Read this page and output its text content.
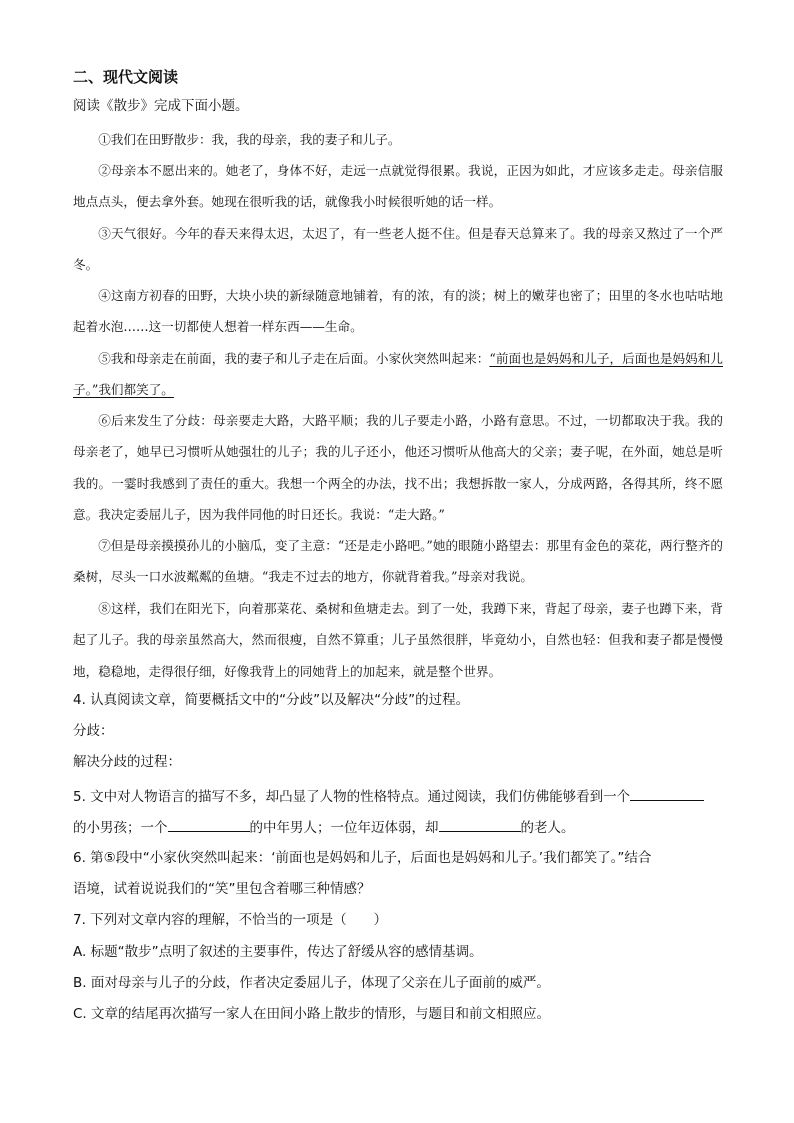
二、现代文阅读
阅读《散步》完成下面小题。
①我们在田野散步：我，我的母亲，我的妻子和儿子。
②母亲本不愿出来的。她老了，身体不好，走远一点就觉得很累。我说，正因为如此，才应该多走走。母亲信服地点点头，便去拿外套。她现在很听我的话，就像我小时候很听她的话一样。
③天气很好。今年的春天来得太迟，太迟了，有一些老人挺不住。但是春天总算来了。我的母亲又熬过了一个严冬。
④这南方初春的田野，大块小块的新绿随意地铺着，有的浓，有的淡；树上的嫩芽也密了；田里的冬水也咕咕地起着水泡……这一切都使人想着一样东西——生命。
⑤我和母亲走在前面，我的妻子和儿子走在后面。小家伙突然叫起来：“前面也是妈妈和儿子，后面也是妈妈和儿子。”我们都笑了。
⑥后来发生了分歧：母亲要走大路，大路平顺；我的儿子要走小路，小路有意思。不过，一切都取决于我。我的母亲老了，她早已习惯听从她强壮的儿子；我的儿子还小，他还习惯听从他高大的父亲；妻子呢，在外面，她总是听我的。一霎时我感到了责任的重大。我想一个两全的办法，找不出；我想拆散一家人，分成两路，各得其所，终不愿意。我决定委屈儿子，因为我伴同他的时日还长。我说：“走大路。”
⑦但是母亲摸摸孙儿的小脑瓜，变了主意：“还是走小路吧。”她的眼随小路望去：那里有金色的菜花，两行整齐的桑树，尽头一口水波粼粼的鱼塘。“我走不过去的地方，你就背着我。”母亲对我说。
⑧这样，我们在阳光下，向着那菜花、桑树和鱼塘走去。到了一处，我蹲下来，背起了母亲，妻子也蹲下来，背起了儿子。我的母亲虽然高大，然而很瘦，自然不算重；儿子虽然很胖，毕竟幼小，自然也轻：但我和妻子都是慢慢地，稳稳地，走得很仔细，好像我背上的同她背上的加起来，就是整个世界。
4. 认真阅读文章，简要概括文中的“分歧”以及解决“分歧”的过程。
分歧：
解决分歧的过程：
5. 文中对人物语言的描写不多，却凸显了人物的性格特点。通过阅读，我们仿佛能够看到一个
的小男孩；一个	的中年男人；一位年迈体弱，却	的老人。
6. 第⑤段中“小家伙突然叫起来：‘前面也是妈妈和儿子，后面也是妈妈和儿子。’我们都笑了。”结合
语境，试着说说我们的“笑”里包含着哪三种情感？
7. 下列对文章内容的理解，不恰当的一项是（　　）
A. 标题“散步”点明了叙述的主要事件，传达了舒缓从容的感情基调。
B. 面对母亲与儿子的分歧，作者决定委屈儿子，体现了父亲在儿子面前的威严。
C. 文章的结尾再次描写一家人在田间小路上散步的情形，与题目和前文相照应。
